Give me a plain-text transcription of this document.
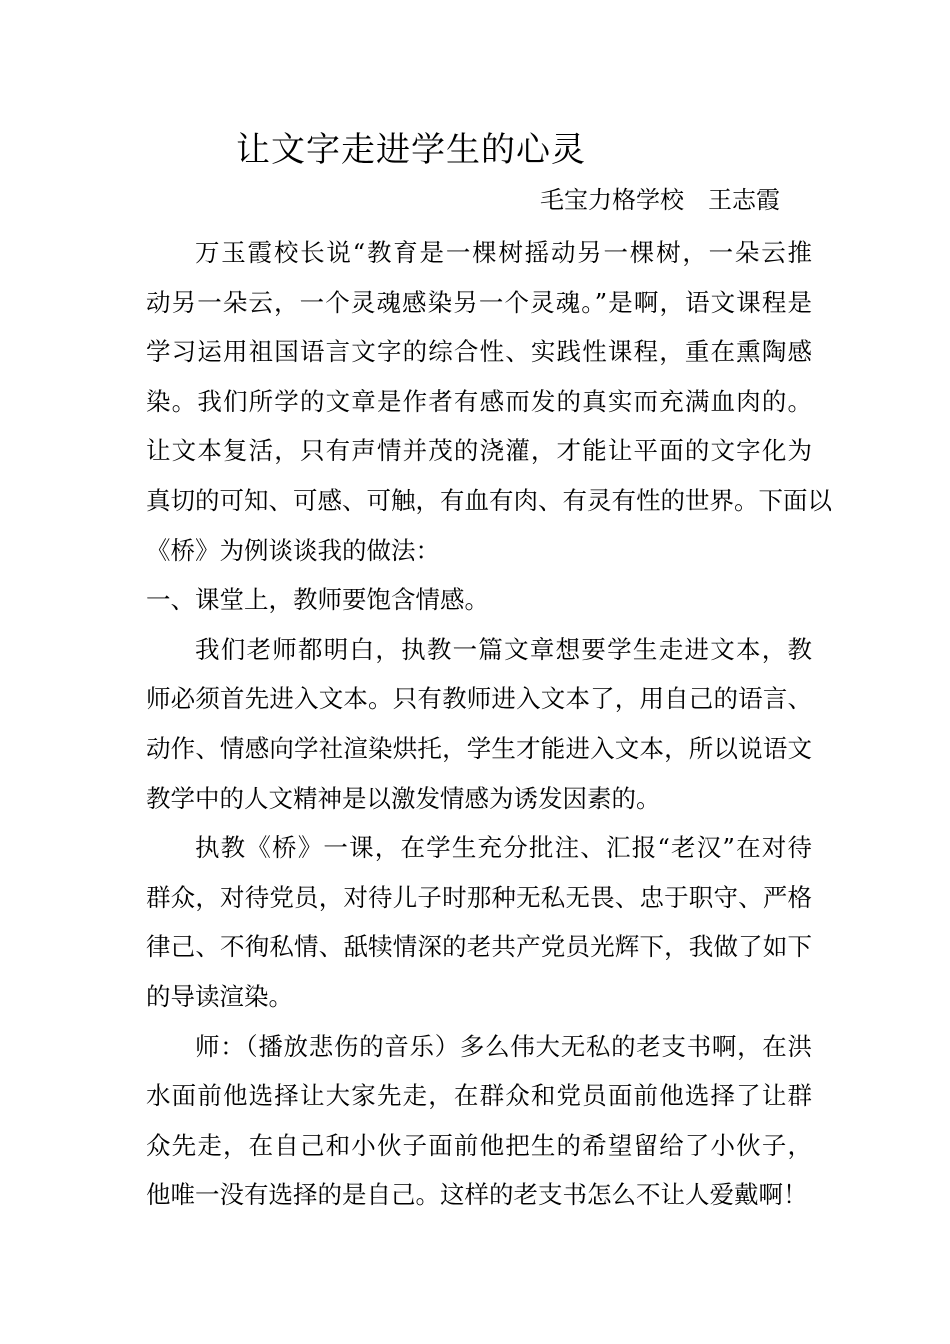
让文字走进学生的心灵
毛宝力格学校　王志霞
万玉霞校长说“教育是一棵树摇动另一棵树，一朵云推
动另一朵云，一个灵魂感染另一个灵魂。”是啊，语文课程是
学习运用祖国语言文字的综合性、实践性课程，重在熏陶感
染。我们所学的文章是作者有感而发的真实而充满血肉的。
让文本复活，只有声情并茂的浇灌，才能让平面的文字化为
真切的可知、可感、可触，有血有肉、有灵有性的世界。下面以
《桥》为例谈谈我的做法：
一、课堂上，教师要饱含情感。
我们老师都明白，执教一篇文章想要学生走进文本，教
师必须首先进入文本。只有教师进入文本了，用自己的语言、
动作、情感向学社渲染烘托，学生才能进入文本，所以说语文
教学中的人文精神是以激发情感为诱发因素的。
执教《桥》一课，在学生充分批注、汇报“老汉”在对待
群众，对待党员，对待儿子时那种无私无畏、忠于职守、严格
律己、不徇私情、舐犊情深的老共产党员光辉下，我做了如下
的导读渲染。
师：（播放悲伤的音乐）多么伟大无私的老支书啊，在洪
水面前他选择让大家先走，在群众和党员面前他选择了让群
众先走，在自己和小伙子面前他把生的希望留给了小伙子，
他唯一没有选择的是自己。这样的老支书怎么不让人爱戴啊！
